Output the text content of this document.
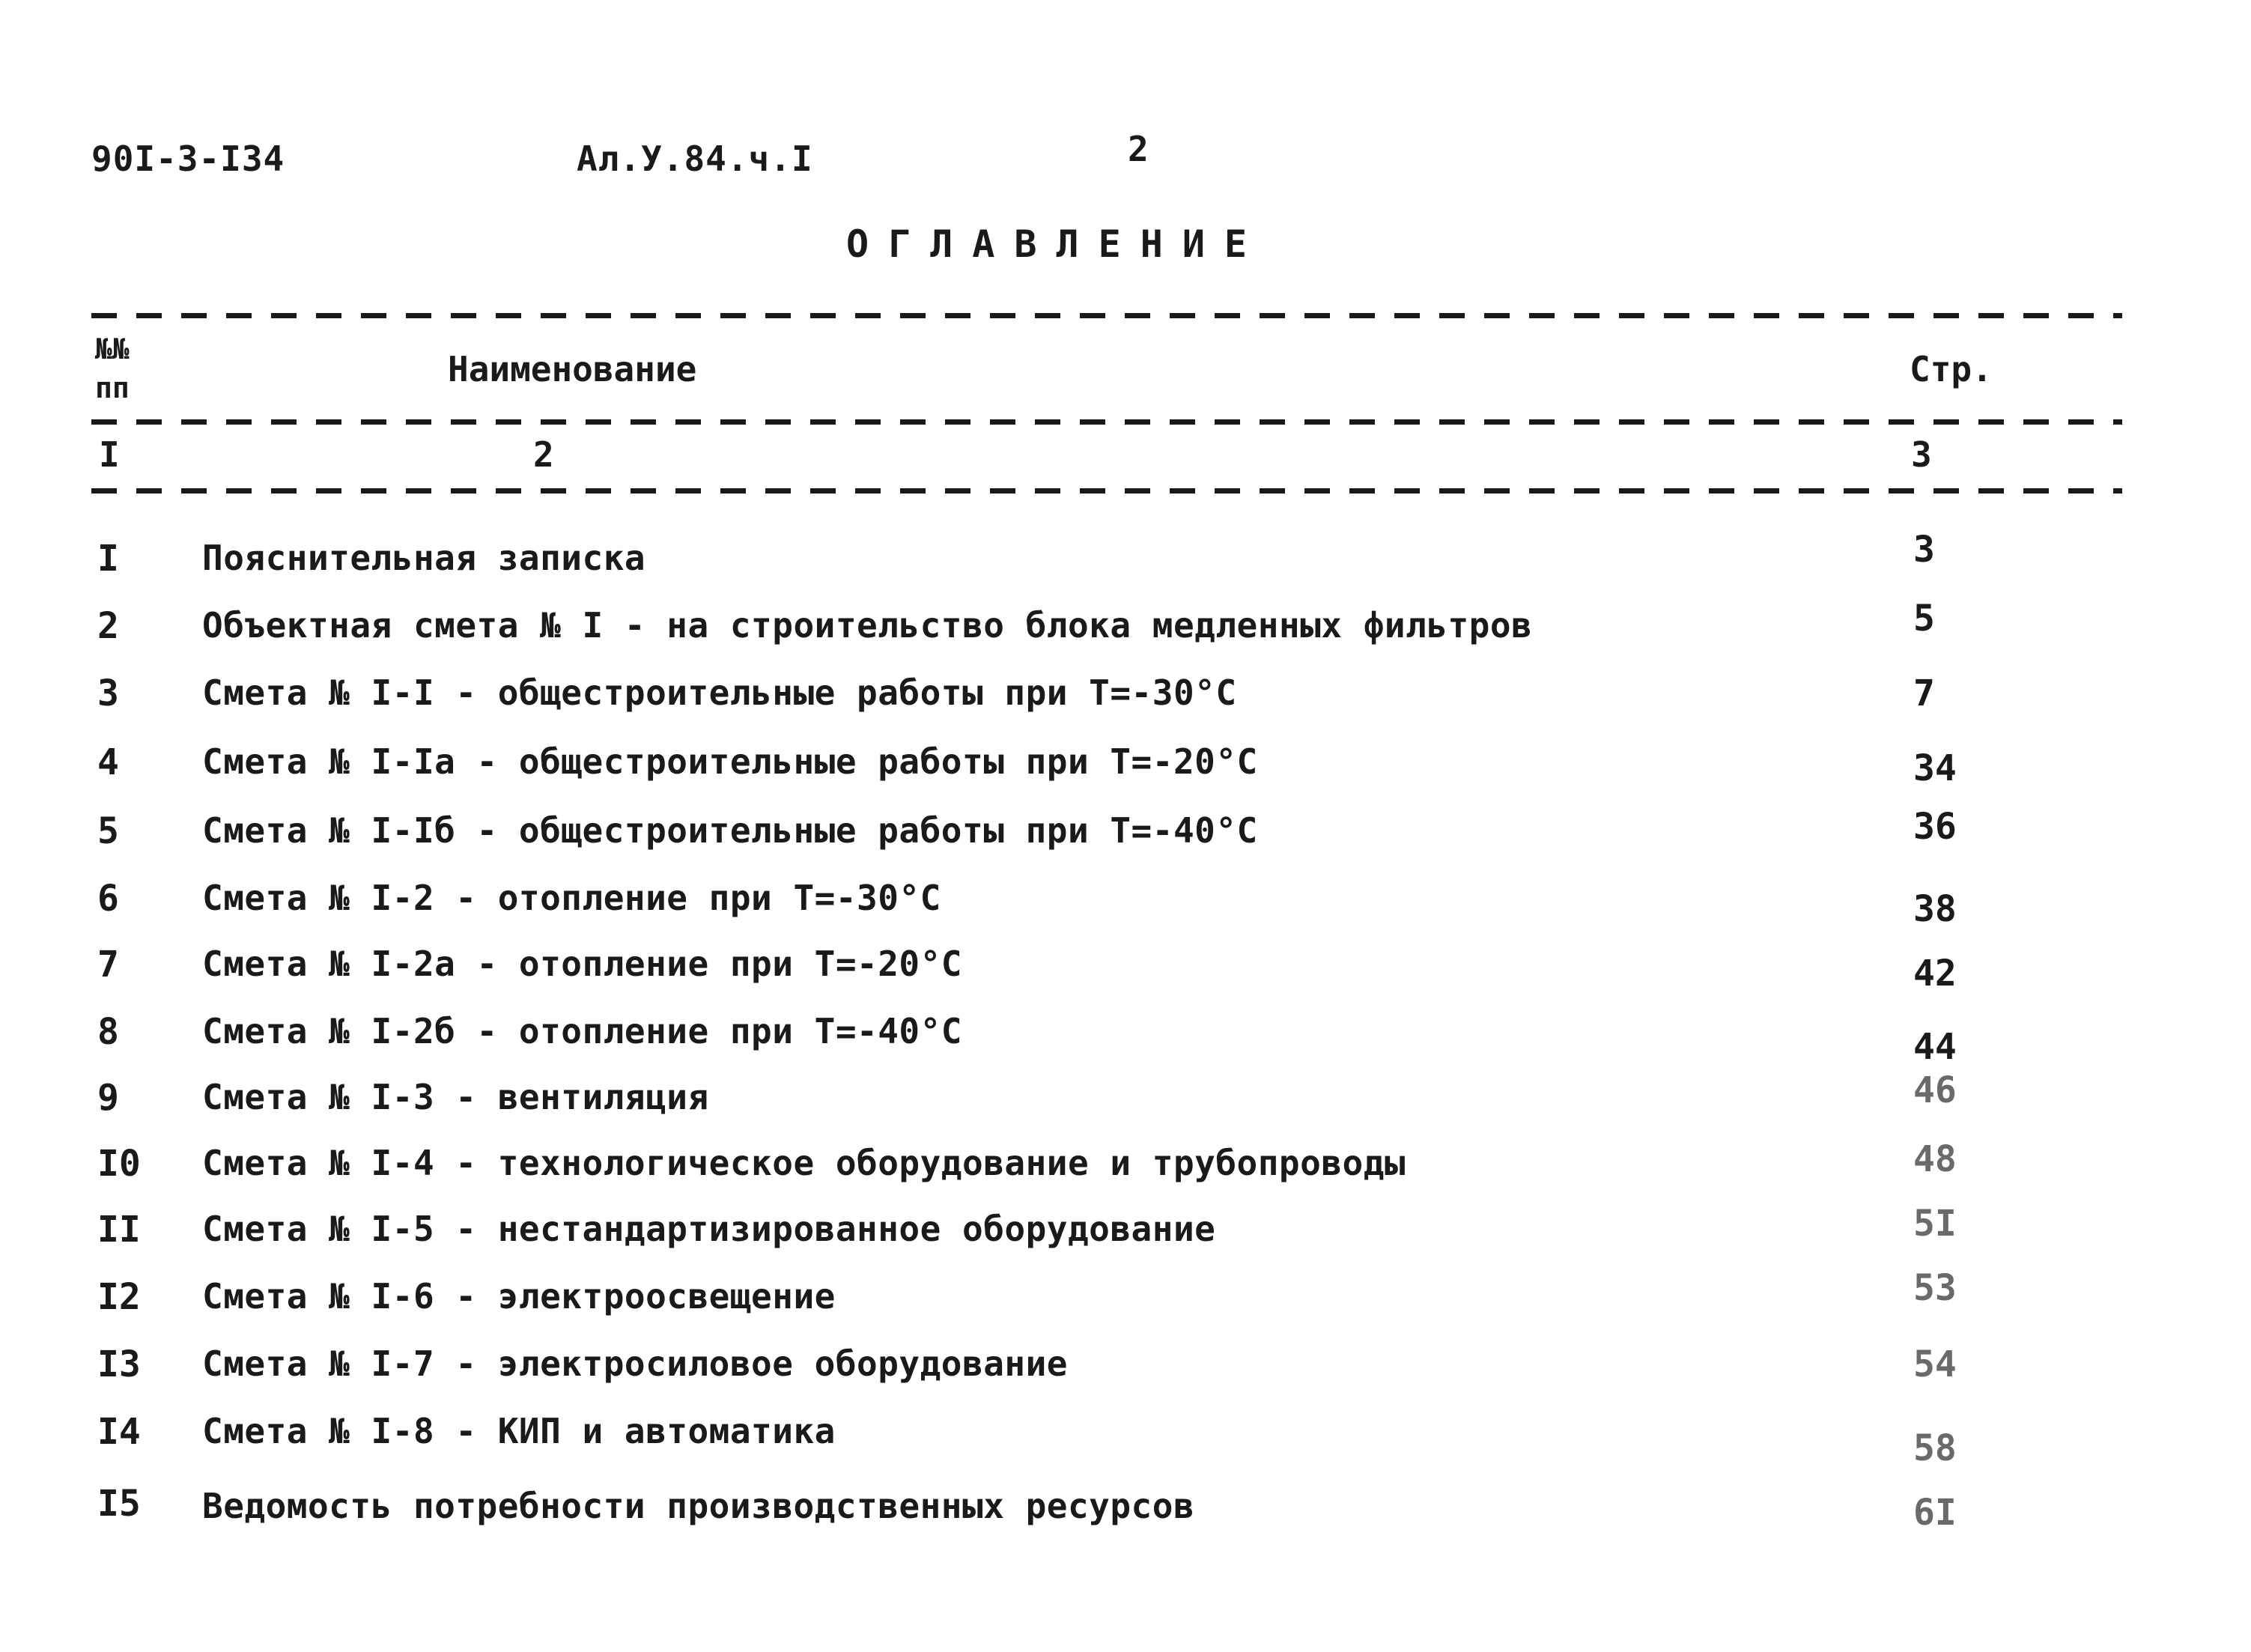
90I-3-I34	Ал.У.84.ч.I	2
ОГЛАВЛЕНИЕ
№№ пп	Наименование	Стр.
I	2	3
I Пояснительная записка	3
2 Объектная смета № I - на строительство блока медленных фильтров	5
3 Смета № I-I - общестроительные работы при T=-30°C	7
4 Смета № I-Iа - общестроительные работы при T=-20°C	34
5 Смета № I-Iб - общестроительные работы при T=-40°C	36
6 Смета № I-2 - отопление при T=-30°C	38
7 Смета № I-2а - отопление при T=-20°C	42
8 Смета № I-2б - отопление при T=-40°C	44
9 Смета № I-3 - вентиляция	46
I0 Смета № I-4 - технологическое оборудование и трубопроводы	48
II Смета № I-5 - нестандартизированное оборудование	5I
I2 Смета № I-6 - электроосвещение	53
I3 Смета № I-7 - электросиловое оборудование	54
I4 Смета № I-8 - КИП и автоматика	58
I5 Ведомость потребности производственных ресурсов	6I
